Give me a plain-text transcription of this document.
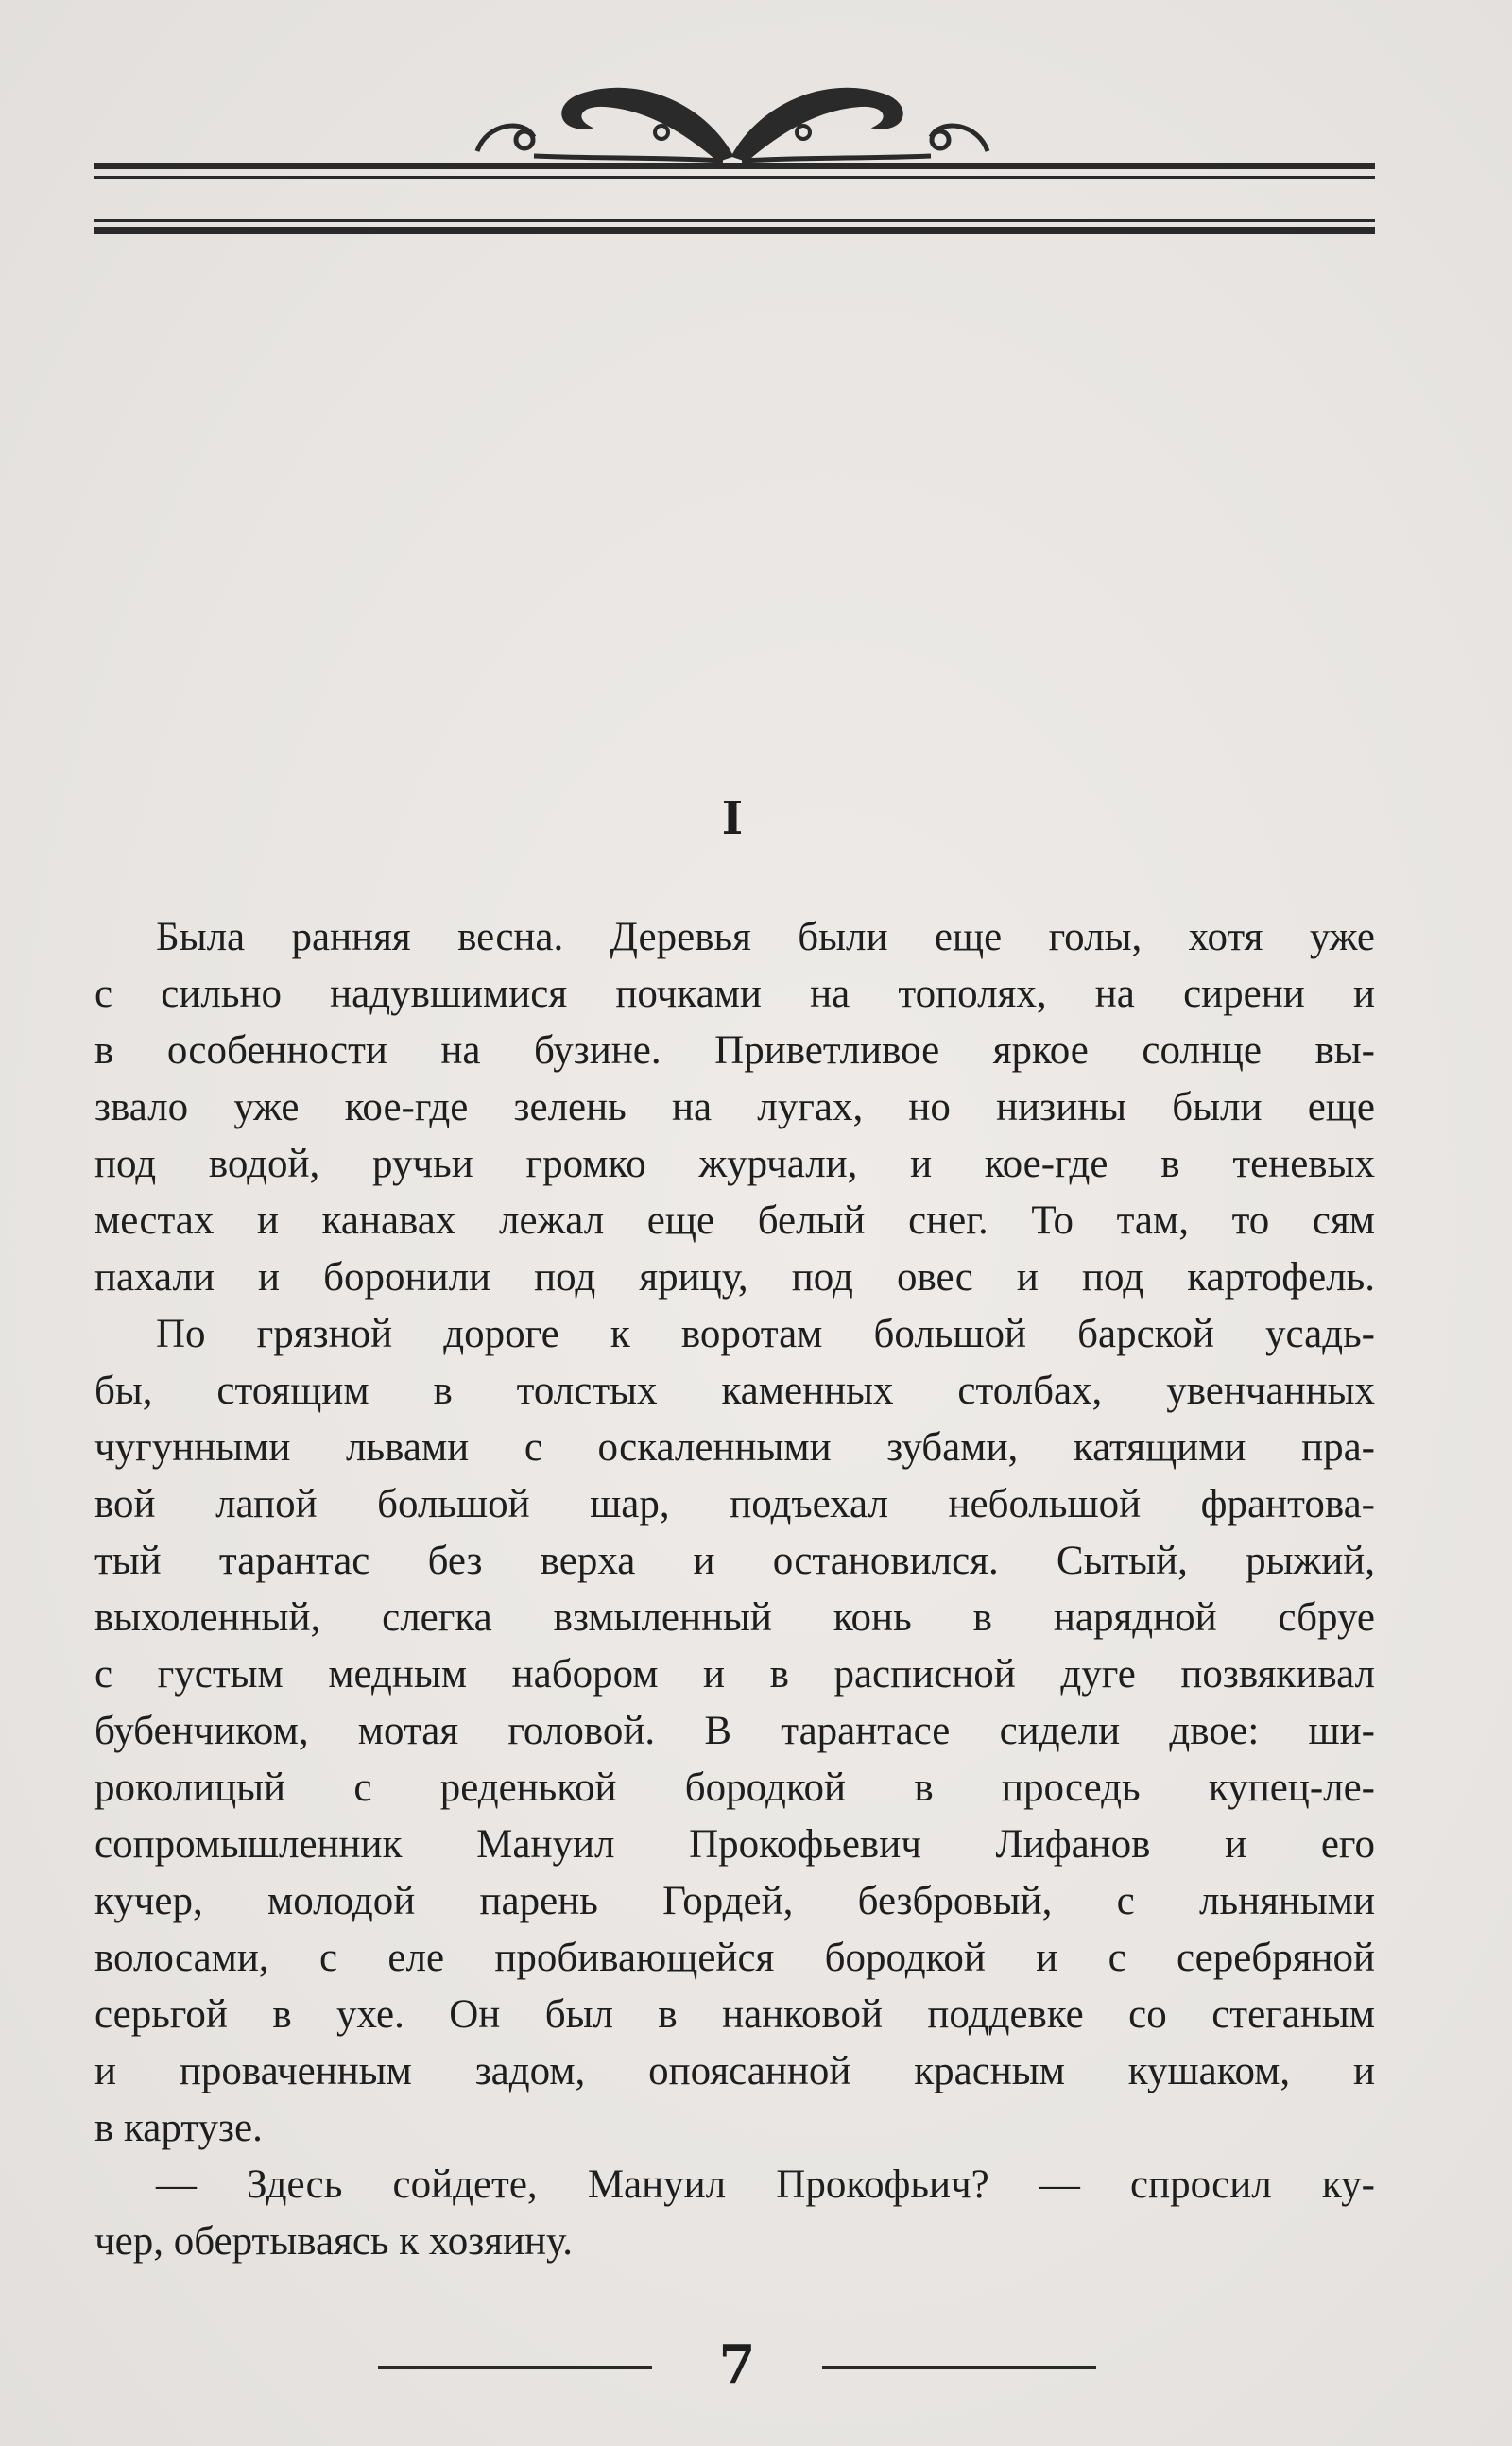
I
Была ранняя весна. Деревья были еще голы, хотя уже
с сильно надувшимися почками на тополях, на сирени и
в особенности на бузине. Приветливое яркое солнце вы-
звало уже кое-где зелень на лугах, но низины были еще
под водой, ручьи громко журчали, и кое-где в теневых
местах и канавах лежал еще белый снег. То там, то сям
пахали и боронили под ярицу, под овес и под картофель.
По грязной дороге к воротам большой барской усадь-
бы, стоящим в толстых каменных столбах, увенчанных
чугунными львами с оскаленными зубами, катящими пра-
вой лапой большой шар, подъехал небольшой франтова-
тый тарантас без верха и остановился. Сытый, рыжий,
выхоленный, слегка взмыленный конь в нарядной сбруе
с густым медным набором и в расписной дуге позвякивал
бубенчиком, мотая головой. В тарантасе сидели двое: ши-
роколицый с реденькой бородкой в проседь купец-ле-
сопромышленник Мануил Прокофьевич Лифанов и его
кучер, молодой парень Гордей, безбровый, с льняными
волосами, с еле пробивающейся бородкой и с серебряной
серьгой в ухе. Он был в нанковой поддевке со стеганым
и проваченным задом, опоясанной красным кушаком, и
в картузе.
— Здесь сойдете, Мануил Прокофьич? — спросил ку-
чер, обертываясь к хозяину.
7
